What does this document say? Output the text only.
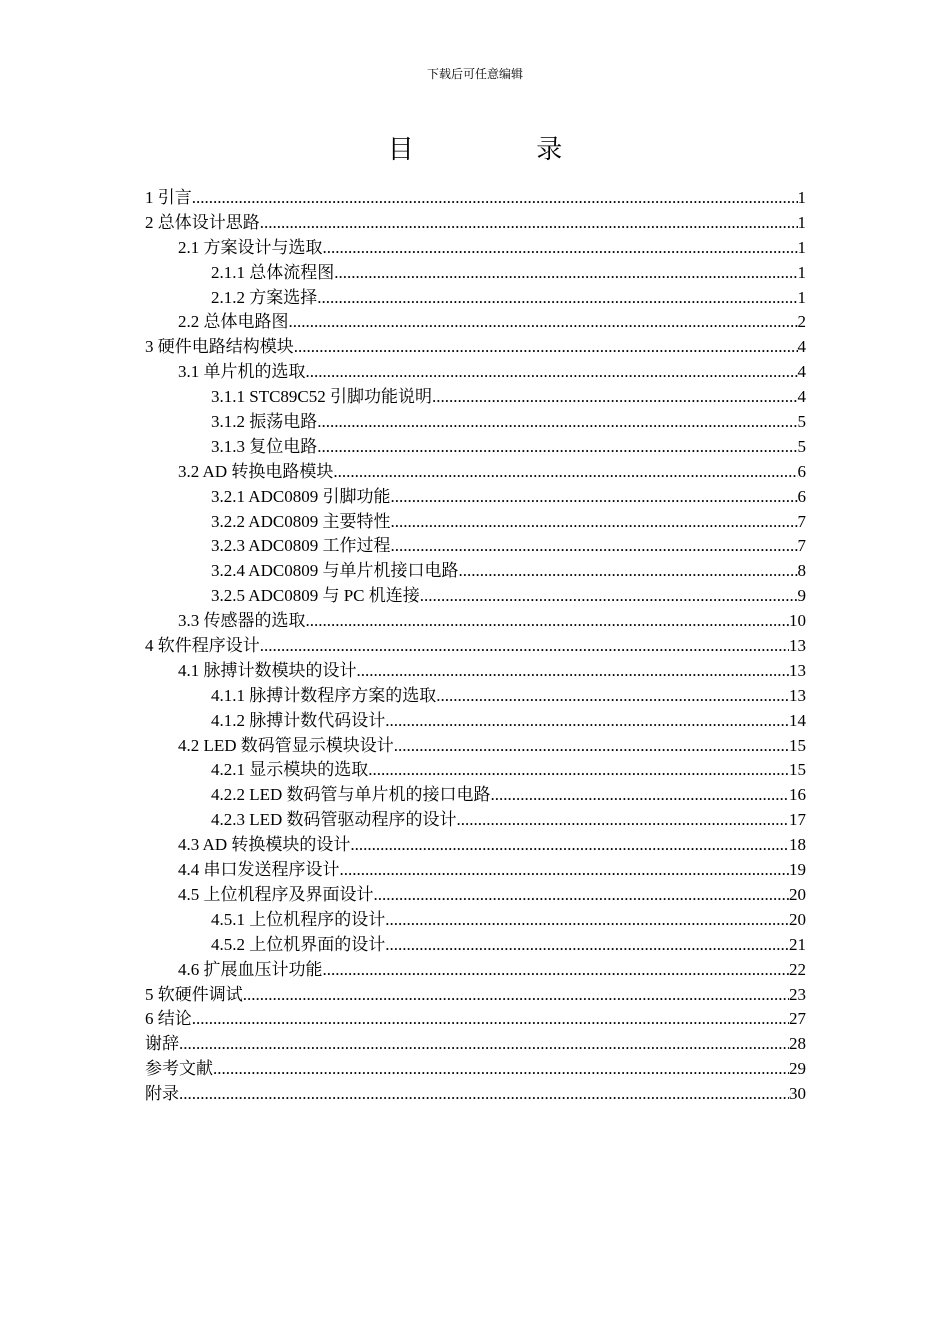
下载后可任意编辑
目 录
1 引言 .....	1
2 总体设计思路 .....	1
2.1 方案设计与选取 .....	1
2.1.1 总体流程图 .....	1
2.1.2 方案选择 .....	1
2.2 总体电路图 .....	2
3 硬件电路结构模块 .....	4
3.1 单片机的选取 .....	4
3.1.1 STC89C52 引脚功能说明 .....	4
3.1.2 振荡电路 .....	5
3.1.3 复位电路 .....	5
3.2 AD 转换电路模块 .....	6
3.2.1 ADC0809 引脚功能 .....	6
3.2.2 ADC0809 主要特性 .....	7
3.2.3 ADC0809 工作过程 .....	7
3.2.4 ADC0809 与单片机接口电路 .....	8
3.2.5 ADC0809 与 PC 机连接 .....	9
3.3 传感器的选取 .....	10
4 软件程序设计 .....	13
4.1 脉搏计数模块的设计 .....	13
4.1.1 脉搏计数程序方案的选取 .....	13
4.1.2 脉搏计数代码设计 .....	14
4.2 LED 数码管显示模块设计 .....	15
4.2.1 显示模块的选取 .....	15
4.2.2 LED 数码管与单片机的接口电路 .....	16
4.2.3 LED 数码管驱动程序的设计 .....	17
4.3 AD 转换模块的设计 .....	18
4.4 串口发送程序设计 .....	19
4.5 上位机程序及界面设计 .....	20
4.5.1 上位机程序的设计 .....	20
4.5.2 上位机界面的设计 .....	21
4.6 扩展血压计功能 .....	22
5 软硬件调试 .....	23
6 结论 .....	27
谢辞 .....	28
参考文献 .....	29
附录 .....	30
